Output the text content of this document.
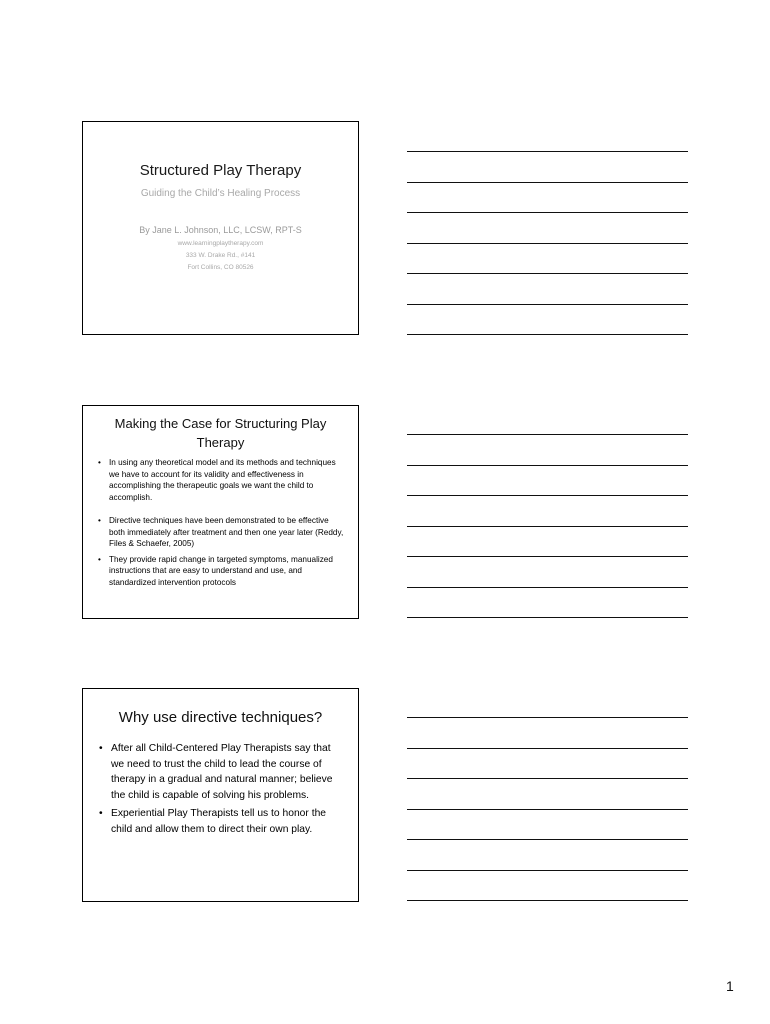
Structured Play Therapy
Guiding the Child’s Healing Process
By Jane L. Johnson, LLC, LCSW, RPT-S
www.learningplaytherapy.com
333 W. Drake Rd., #141
Fort Collins, CO 80526
Making the Case for Structuring Play Therapy
• In using any theoretical model and its methods and techniques we have to account for its validity and effectiveness in accomplishing the therapeutic goals we want the child to accomplish.
• Directive techniques have been demonstrated to be effective both immediately after treatment and then one year later (Reddy, Files & Schaefer, 2005)
• They provide rapid change in targeted symptoms, manualized instructions that are easy to understand and use, and standardized intervention protocols
Why use directive techniques?
• After all Child-Centered Play Therapists say that we need to trust the child to lead the course of therapy in a gradual and natural manner; believe the child is capable of solving his problems.
• Experiential Play Therapists tell us to honor the child and allow them to direct their own play.
1
